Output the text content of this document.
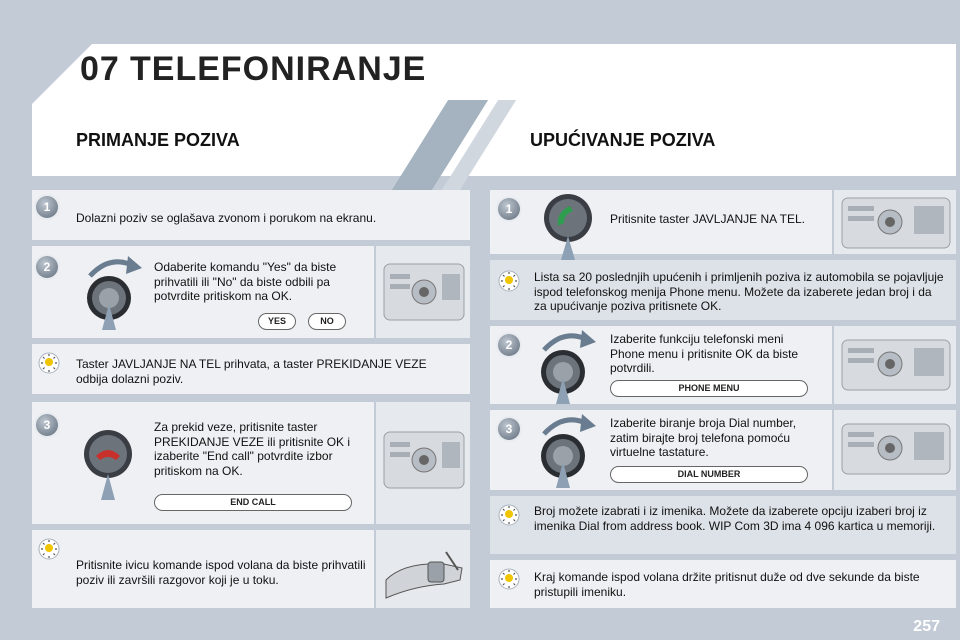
07 TELEFONIRANJE
PRIMANJE POZIVA	UPUĆIVANJE POZIVA
1
Dolazni poziv se oglašava zvonom i porukom na ekranu.
2	Odaberite komandu "Yes" da biste prihvatili ili "No" da biste odbili pa potvrdite pritiskom na OK.
YES	NO
Taster JAVLJANJE NA TEL prihvata, a taster PREKIDANJE VEZE odbija dolazni poziv.
3	Za prekid veze, pritisnite taster PREKIDANJE VEZE ili pritisnite OK i izaberite "End call" potvrdite izbor pritiskom na OK.
END CALL
Pritisnite ivicu komande ispod volana da biste prihvatili poziv ili završili razgovor koji je u toku.
1
Pritisnite taster JAVLJANJE NA TEL.
Lista sa 20 poslednjih upućenih i primljenih poziva iz automobila se pojavljuje ispod telefonskog menija Phone menu. Možete da izaberete jedan broj i da za upućivanje poziva pritisnete OK.
2	Izaberite funkciju telefonski meni Phone menu i pritisnite OK da biste potvrdili.
PHONE MENU
3	Izaberite biranje broja Dial number, zatim birajte broj telefona pomoću virtuelne tastature.
DIAL NUMBER
Broj možete izabrati i iz imenika. Možete da izaberete opciju izaberi broj iz imenika Dial from address book. WIP Com 3D ima 4 096 kartica u memoriji.
Kraj komande ispod volana držite pritisnut duže od dve sekunde da biste pristupili imeniku.
257
